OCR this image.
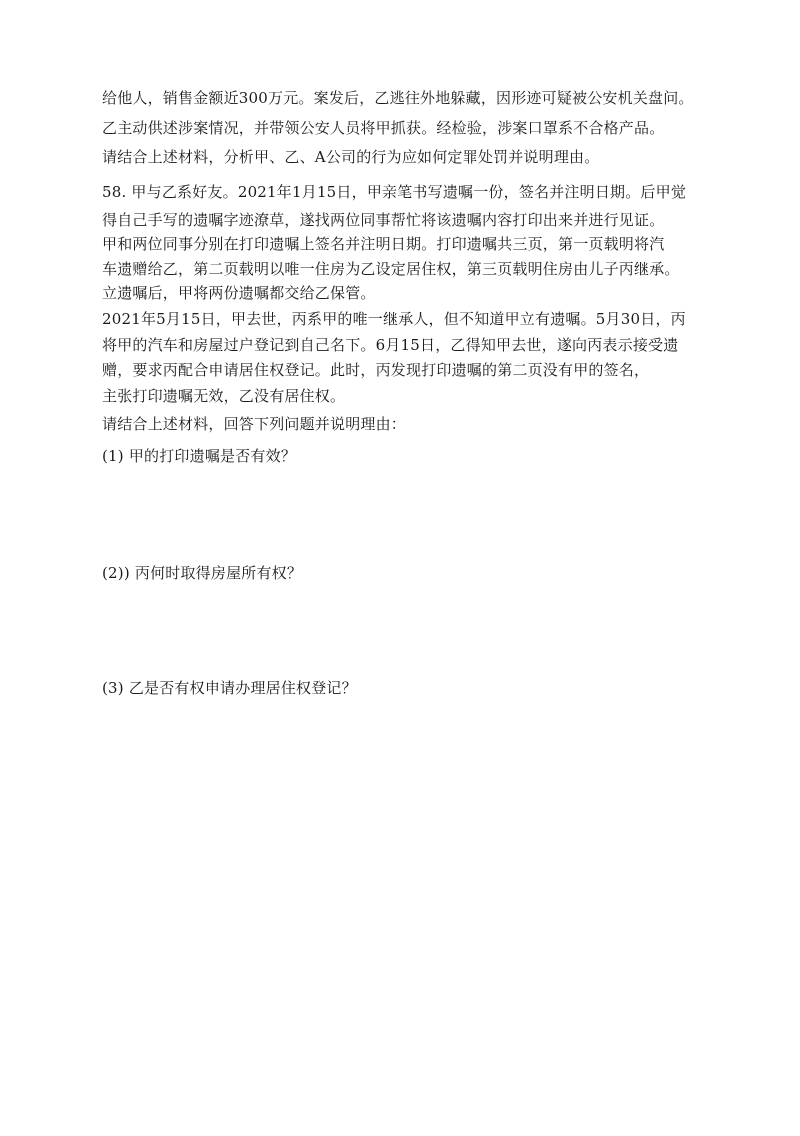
给他人，销售金额近300万元。案发后，乙逃往外地躲藏，因形迹可疑被公安机关盘问。
乙主动供述涉案情况，并带领公安人员将甲抓获。经检验，涉案口罩系不合格产品。
请结合上述材料，分析甲、乙、A公司的行为应如何定罪处罚并说明理由。
58. 甲与乙系好友。2021年1月15日，甲亲笔书写遗嘱一份，签名并注明日期。后甲觉
得自己手写的遗嘱字迹潦草，遂找两位同事帮忙将该遗嘱内容打印出来并进行见证。
甲和两位同事分别在打印遗嘱上签名并注明日期。打印遗嘱共三页，第一页载明将汽
车遗赠给乙，第二页载明以唯一住房为乙设定居住权，第三页载明住房由儿子丙继承。
立遗嘱后，甲将两份遗嘱都交给乙保管。
2021年5月15日，甲去世，丙系甲的唯一继承人，但不知道甲立有遗嘱。5月30日，丙
将甲的汽车和房屋过户登记到自己名下。6月15日，乙得知甲去世，遂向丙表示接受遗
赠，要求丙配合申请居住权登记。此时，丙发现打印遗嘱的第二页没有甲的签名，
主张打印遗嘱无效，乙没有居住权。
请结合上述材料，回答下列问题并说明理由：
(1) 甲的打印遗嘱是否有效？
(2)) 丙何时取得房屋所有权？
(3) 乙是否有权申请办理居住权登记？
